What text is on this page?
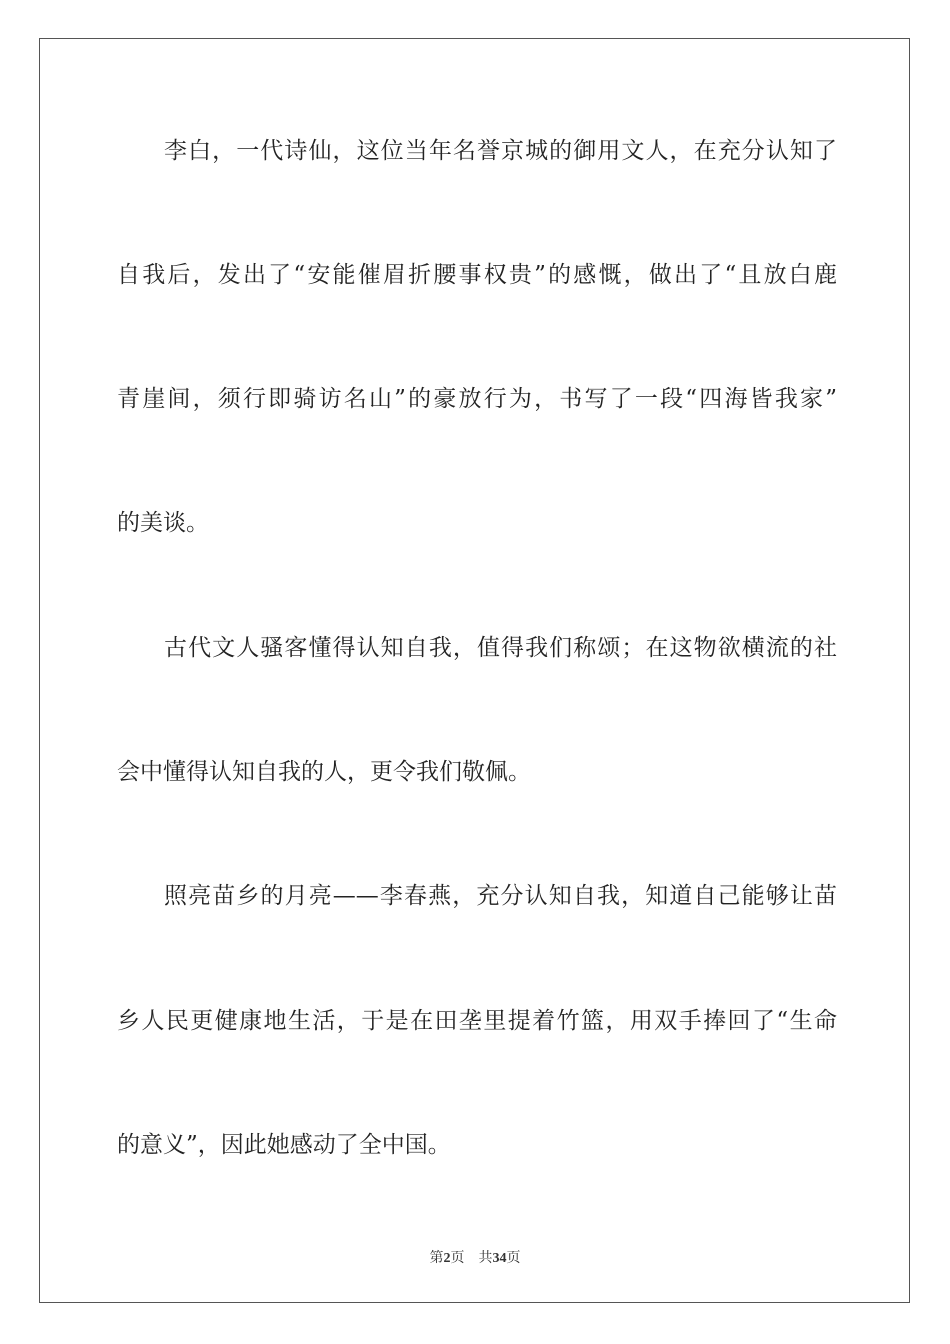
李白，一代诗仙，这位当年名誉京城的御用文人，在充分认知了
自我后，发出了“安能催眉折腰事权贵”的感慨，做出了“且放白鹿
青崖间，须行即骑访名山”的豪放行为，书写了一段“四海皆我家”
的美谈。
古代文人骚客懂得认知自我，值得我们称颂；在这物欲横流的社
会中懂得认知自我的人，更令我们敬佩。
照亮苗乡的月亮——李春燕，充分认知自我，知道自己能够让苗
乡人民更健康地生活，于是在田垄里提着竹篮，用双手捧回了“生命
的意义”，因此她感动了全中国。
第2页 共34页
